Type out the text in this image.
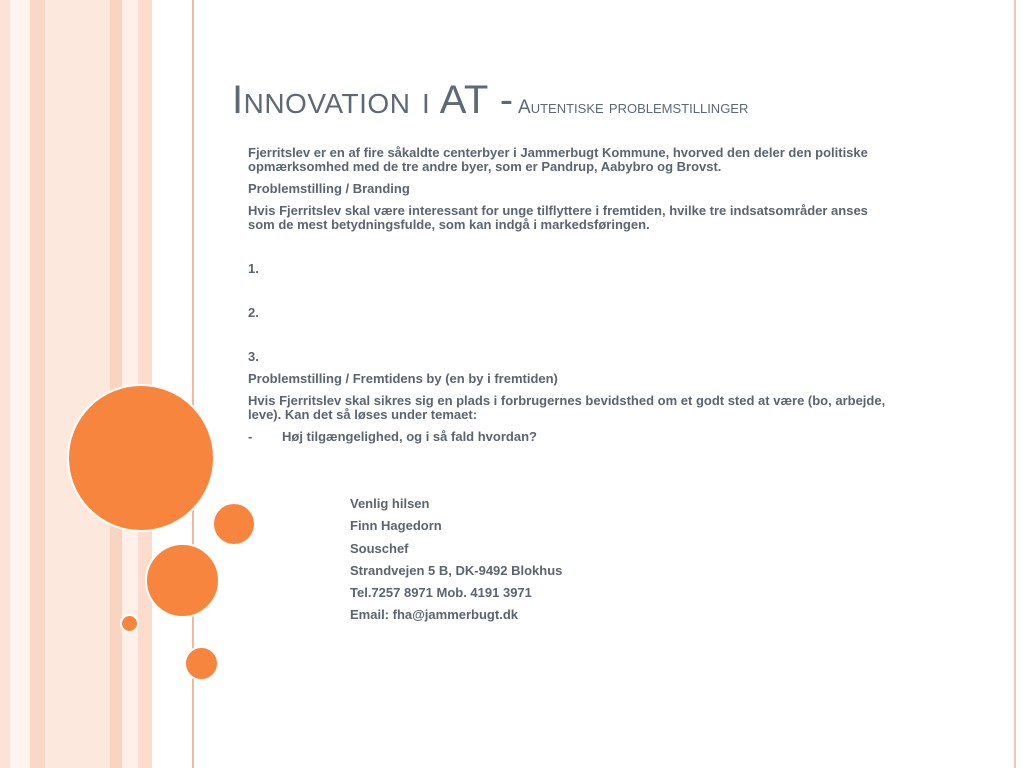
Innovation i AT - Autentiske problemstillinger

Fjerritslev er en af fire såkaldte centerbyer i Jammerbugt Kommune, hvorved den deler den politiske opmærksomhed med de tre andre byer, som er Pandrup, Aabybro og Brovst.

Problemstilling / Branding

Hvis Fjerritslev skal være interessant for unge tilflyttere i fremtiden, hvilke tre indsatsområder anses som de mest betydningsfulde, som kan indgå i markedsføringen.

1.

2.

3.

Problemstilling / Fremtidens by (en by i fremtiden)

Hvis Fjerritslev skal sikres sig en plads i forbrugernes bevidsthed om et godt sted at være (bo, arbejde, leve). Kan det så løses under temaet:

- Høj tilgængelighed, og i så fald hvordan?

Venlig hilsen
Finn Hagedorn
Souschef
Strandvejen 5 B, DK-9492 Blokhus
Tel.7257 8971 Mob. 4191 3971
Email: fha@jammerbugt.dk
